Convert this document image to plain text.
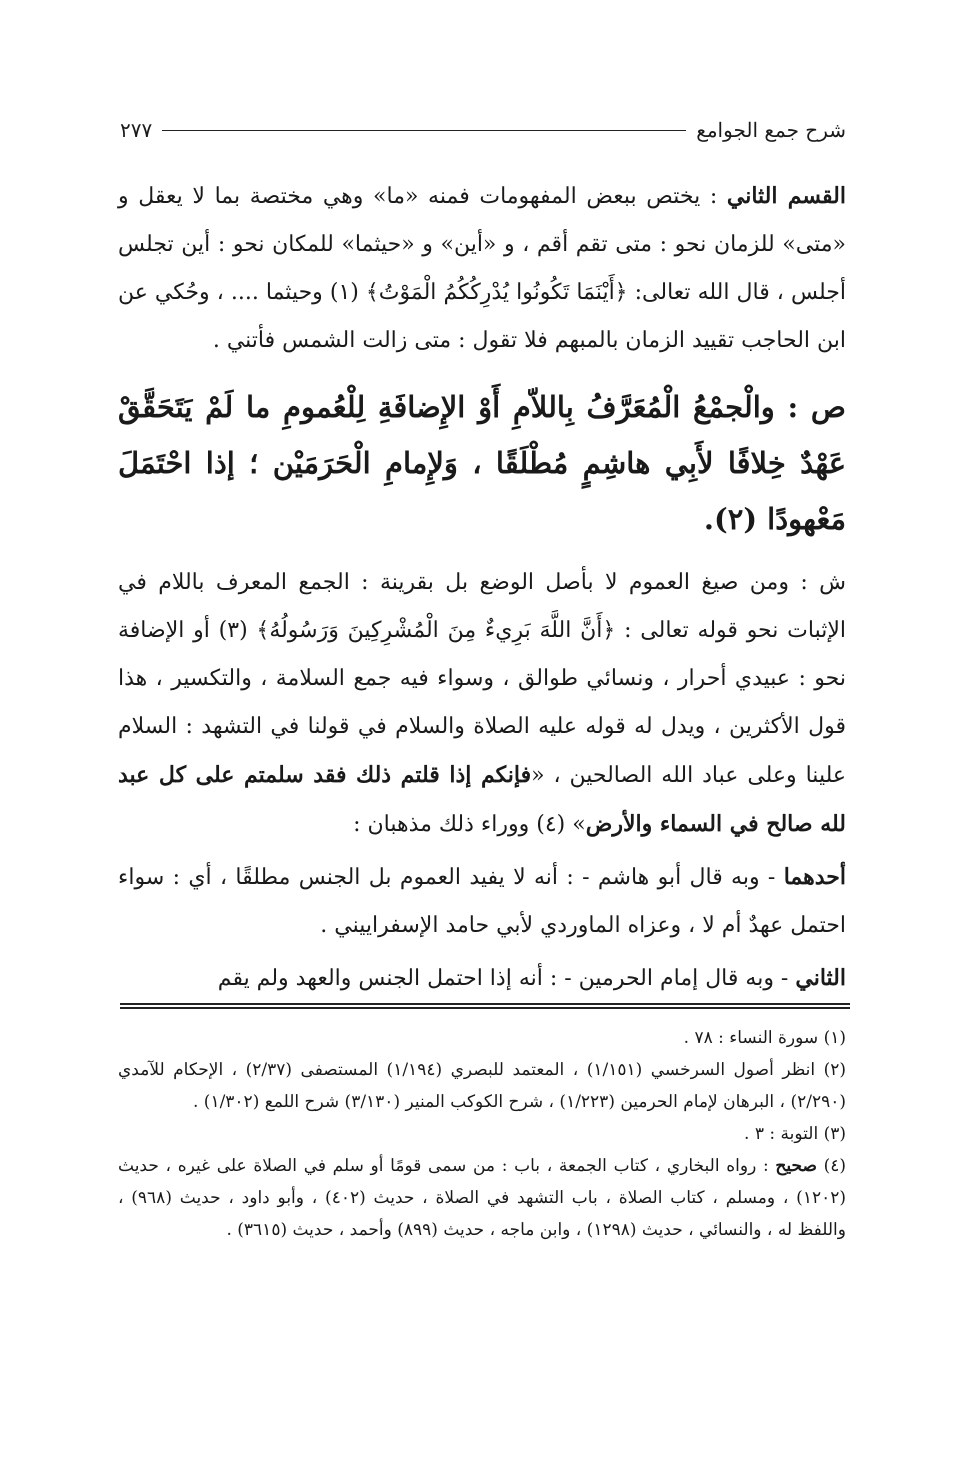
شرح جمع الجوامع
٢٧٧

القسم الثاني : يختص ببعض المفهومات فمنه «ما» وهي مختصة بما لا يعقل و «متى» للزمان نحو : متى تقم أقم ، و «أين» و «حيثما» للمكان نحو : أين تجلس أجلس ، قال الله تعالى: ﴿أَيْنَمَا تَكُونُوا يُدْرِكُكُمُ الْمَوْتُ﴾ (١) وحيثما .... ، وحُكي عن ابن الحاجب تقييد الزمان بالمبهم فلا تقول : متى زالت الشمس فأتني .

ص : والْجمْعُ الْمُعَرَّفُ بِاللاّمِ أَوْ الإِضافَةِ لِلْعُمومِ ما لَمْ يَتَحَقَّقْ عَهْدٌ خِلافًا لأَبِي هاشِمٍ مُطْلَقًا ، وَلإِمامِ الْحَرَمَيْن ؛ إذا احْتَمَلَ مَعْهودًا (٢).

ش : ومن صيغ العموم لا بأصل الوضع بل بقرينة : الجمع المعرف باللام في الإثبات نحو قوله تعالى : ﴿أَنَّ اللَّهَ بَرِيءٌ مِنَ الْمُشْرِكِينَ وَرَسُولُهُ﴾ (٣) أو الإضافة نحو : عبيدي أحرار ، ونسائي طوالق ، وسواء فيه جمع السلامة ، والتكسير ، هذا قول الأكثرين ، ويدل له قوله عليه الصلاة والسلام في قولنا في التشهد : السلام علينا وعلى عباد الله الصالحين ، «فإنكم إذا قلتم ذلك فقد سلمتم على كل عبد لله صالح في السماء والأرض» (٤) ووراء ذلك مذهبان :

أحدهما - وبه قال أبو هاشم - : أنه لا يفيد العموم بل الجنس مطلقًا ، أي : سواء احتمل عهدٌ أم لا ، وعزاه الماوردي لأبي حامد الإسفراييني .

الثاني - وبه قال إمام الحرمين - : أنه إذا احتمل الجنس والعهد ولم يقم

(١) سورة النساء : ٧٨ .

(٢) انظر أصول السرخسي (١/١٥١) ، المعتمد للبصري (١/١٩٤) المستصفى (٢/٣٧) ، الإحكام للآمدي (٢/٢٩٠) ، البرهان لإمام الحرمين (١/٢٢٣) ، شرح الكوكب المنير (٣/١٣٠) شرح اللمع (١/٣٠٢) .

(٣) التوبة : ٣ .

(٤) صحيح : رواه البخاري ، كتاب الجمعة ، باب : من سمى قومًا أو سلم في الصلاة على غيره ، حديث (١٢٠٢) ، ومسلم ، كتاب الصلاة ، باب التشهد في الصلاة ، حديث (٤٠٢) ، وأبو داود ، حديث (٩٦٨) ، واللفظ له ، والنسائي ، حديث (١٢٩٨) ، وابن ماجه ، حديث (٨٩٩) وأحمد ، حديث (٣٦١٥) .
